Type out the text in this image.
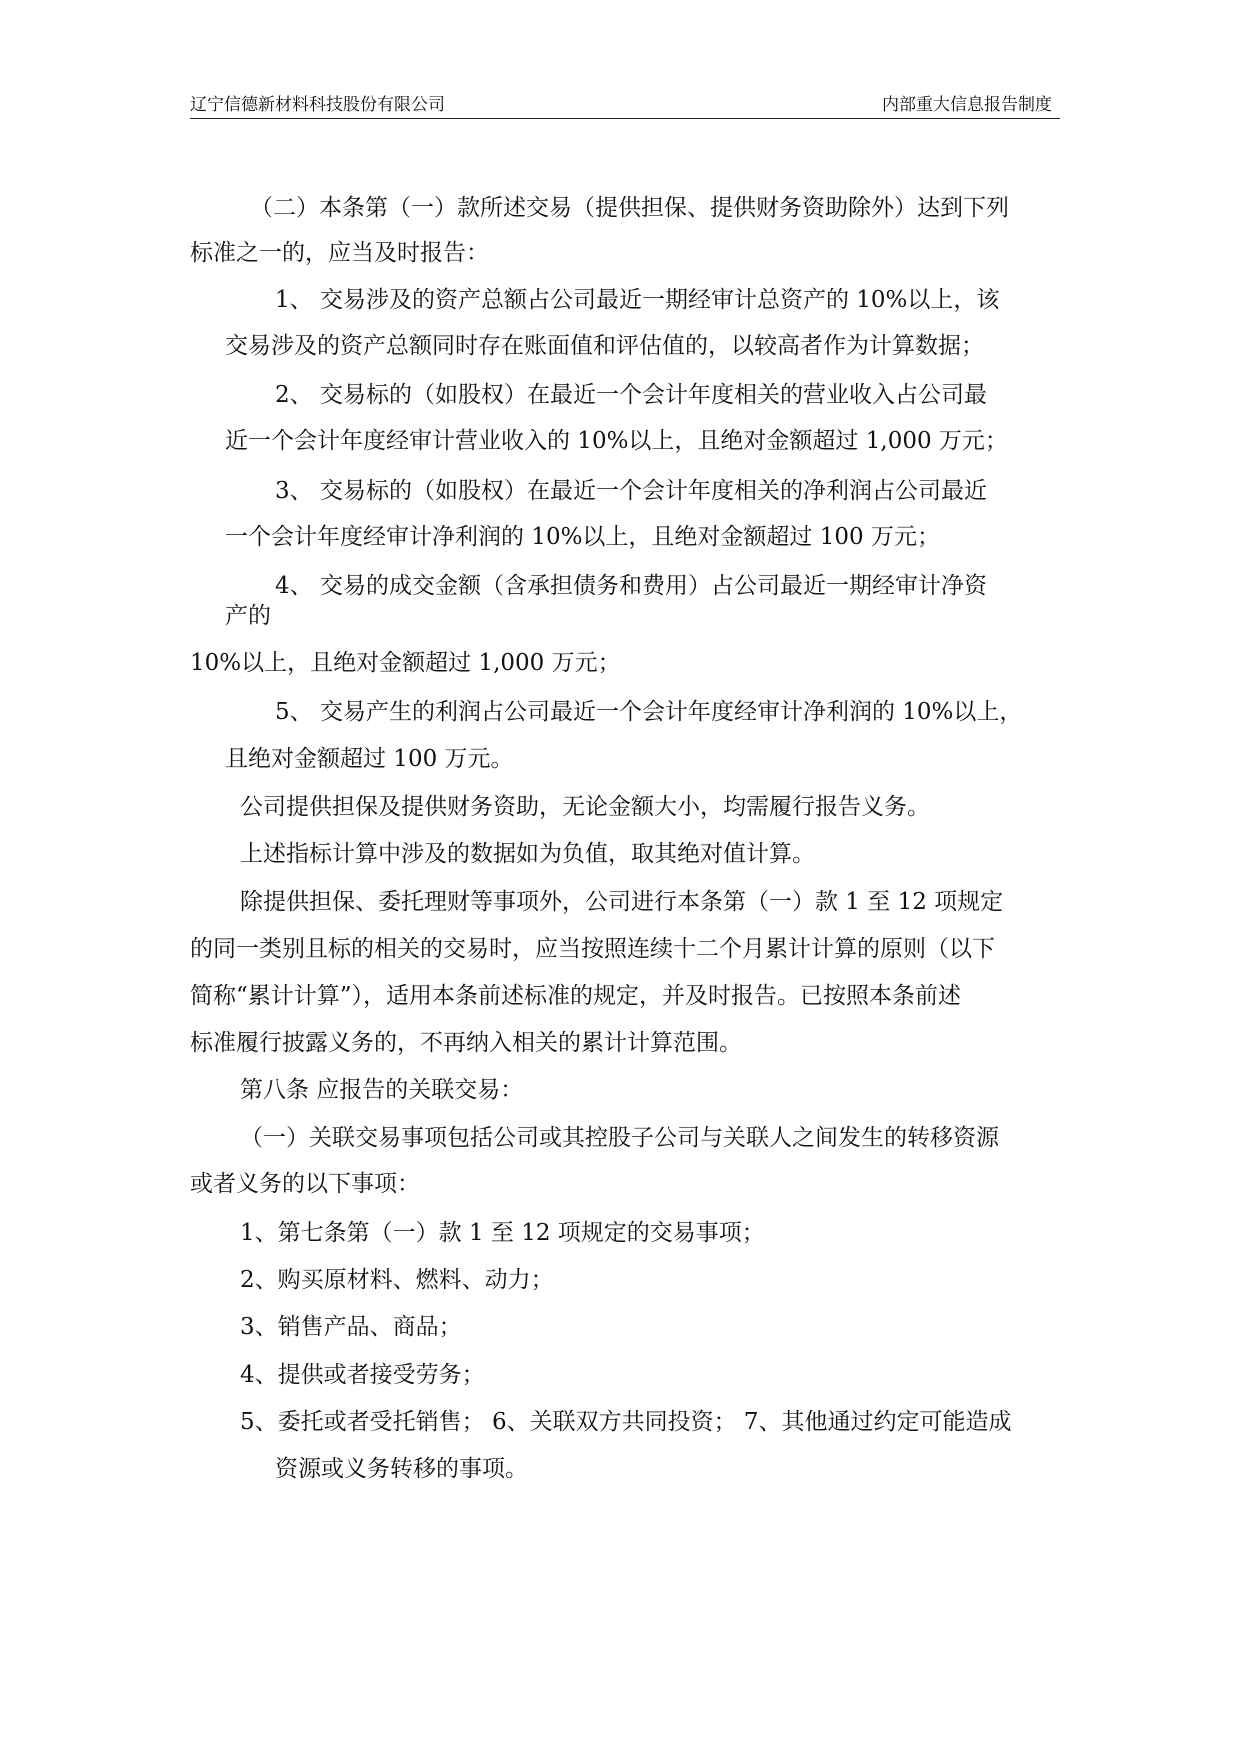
辽宁信德新材料科技股份有限公司	内部重大信息报告制度

（二）本条第（一）款所述交易（提供担保、提供财务资助除外）达到下列

标准之一的，应当及时报告：

1、 交易涉及的资产总额占公司最近一期经审计总资产的 10%以上，该

交易涉及的资产总额同时存在账面值和评估值的，以较高者作为计算数据；

2、 交易标的（如股权）在最近一个会计年度相关的营业收入占公司最

近一个会计年度经审计营业收入的 10%以上，且绝对金额超过 1,000 万元；

3、 交易标的（如股权）在最近一个会计年度相关的净利润占公司最近

一个会计年度经审计净利润的 10%以上，且绝对金额超过 100 万元；

4、 交易的成交金额（含承担债务和费用）占公司最近一期经审计净资

产的

10%以上，且绝对金额超过 1,000 万元；

5、 交易产生的利润占公司最近一个会计年度经审计净利润的 10%以上，

且绝对金额超过 100 万元。

公司提供担保及提供财务资助，无论金额大小，均需履行报告义务。

上述指标计算中涉及的数据如为负值，取其绝对值计算。

除提供担保、委托理财等事项外，公司进行本条第（一）款 1 至 12 项规定

的同一类别且标的相关的交易时，应当按照连续十二个月累计计算的原则（以下

简称“累计计算”），适用本条前述标准的规定，并及时报告。已按照本条前述

标准履行披露义务的，不再纳入相关的累计计算范围。

第八条 应报告的关联交易：

（一）关联交易事项包括公司或其控股子公司与关联人之间发生的转移资源

或者义务的以下事项：

1、第七条第（一）款 1 至 12 项规定的交易事项；

2、购买原材料、燃料、动力；

3、销售产品、商品；

4、提供或者接受劳务；

5、委托或者受托销售； 6、关联双方共同投资； 7、其他通过约定可能造成

资源或义务转移的事项。
